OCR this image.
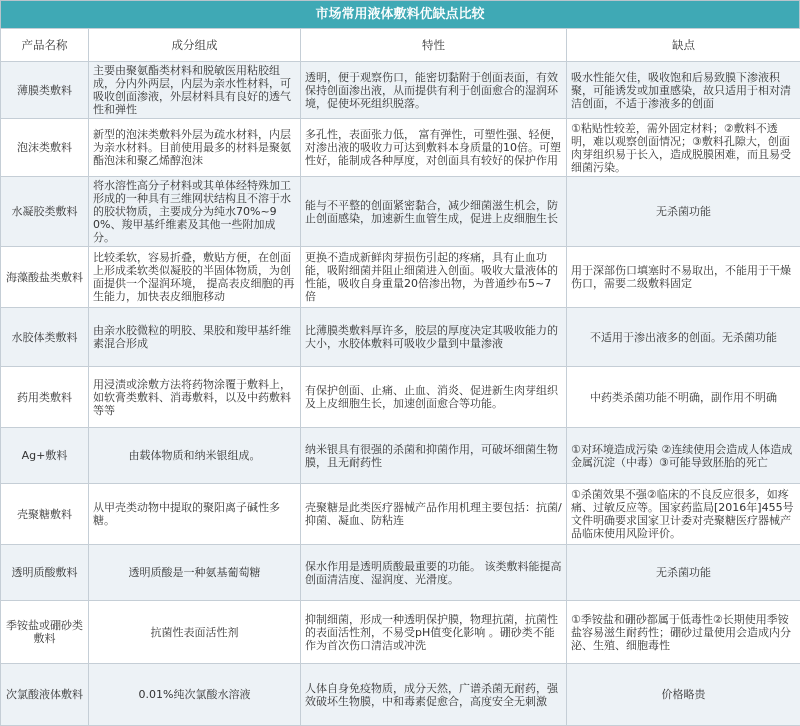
市场常用液体敷料优缺点比较
产品名称	成分组成	特性	缺点
薄膜类敷料	主要由聚氨酯类材料和脱敏医用粘胶组成，分内外两层，内层为亲水性材料，可吸收创面渗液，外层材料具有良好的透气性和弹性	透明，便于观察伤口，能密切黏附于创面表面，有效保持创面渗出液，从而提供有利于创面愈合的湿润环境，促使坏死组织脱落。	吸水性能欠佳，吸收饱和后易致膜下渗液积聚，可能诱发或加重感染，故只适用于相对清洁创面，不适于渗液多的创面
泡沫类敷料	新型的泡沫类敷料外层为疏水材料，内层为亲水材料。目前使用最多的材料是聚氨酯泡沫和聚乙烯醇泡沫	多孔性，表面张力低， 富有弹性，可塑性强、轻便，对渗出液的吸收力可达到敷料本身质量的10倍。可塑性好，能制成各种厚度，对创面具有较好的保护作用	①粘贴性较差，需外固定材料；②敷料不透明，难以观察创面情况；③敷料孔隙大，创面肉芽组织易于长入，造成脱膜困难，而且易受细菌污染。
水凝胶类敷料	将水溶性高分子材料或其单体经特殊加工形成的一种具有三维网状结构且不溶于水的胶状物质，主要成分为纯水70%~90%、羧甲基纤维素及其他一些附加成分。	能与不平整的创面紧密黏合，减少细菌滋生机会，防止创面感染，加速新生血管生成，促进上皮细胞生长	无杀菌功能
海藻酸盐类敷料	比较柔软，容易折叠，敷贴方便，在创面上形成柔软类似凝胶的半固体物质，为创面提供一个湿润环境， 提高表皮细胞的再生能力，加快表皮细胞移动	更换不造成新鲜肉芽损伤引起的疼痛，具有止血功能，吸附细菌并阻止细菌进入创面。吸收大量液体的性能，吸收自身重量20倍渗出物，为普通纱布5~7倍	用于深部伤口填塞时不易取出，不能用于干燥伤口，需要二级敷料固定
水胶体类敷料	由亲水胶微粒的明胶、果胶和羧甲基纤维素混合形成	比薄膜类敷料厚许多，胶层的厚度决定其吸收能力的大小，水胶体敷料可吸收少量到中量渗液	不适用于渗出液多的创面。无杀菌功能
药用类敷料	用浸渍或涂敷方法将药物涂覆于敷料上，如软膏类敷料、消毒敷料，以及中药敷料等等	有保护创面、止痛、止血、消炎、促进新生肉芽组织及上皮细胞生长，加速创面愈合等功能。	中药类杀菌功能不明确，副作用不明确
Ag+敷料	由载体物质和纳米银组成。	纳米银具有很强的杀菌和抑菌作用，可破坏细菌生物膜，且无耐药性	①对环境造成污染 ②连续使用会造成人体造成金属沉淀（中毒）③可能导致胚胎的死亡
壳聚糖敷料	从甲壳类动物中提取的聚阳离子碱性多糖。	壳聚糖是此类医疗器械产品作用机理主要包括：抗菌/抑菌、凝血、防粘连	①杀菌效果不强②临床的不良反应很多，如疼痛、过敏反应等。国家药监局[2016年]455号文件明确要求国家卫计委对壳聚糖医疗器械产品临床使用风险评价。
透明质酸敷料	透明质酸是一种氨基葡萄糖	保水作用是透明质酸最重要的功能。 该类敷料能提高创面清洁度、湿润度、光滑度。	无杀菌功能
季铵盐或硼砂类敷料	抗菌性表面活性剂	抑制细菌，形成一种透明保护膜，物理抗菌，抗菌性的表面活性剂，不易受pH值变化影响 。硼砂类不能作为首次伤口清洁或冲洗	①季铵盐和硼砂都属于低毒性②长期使用季铵盐容易滋生耐药性；硼砂过量使用会造成内分泌、生殖、细胞毒性
次氯酸液体敷料	0.01%纯次氯酸水溶液	人体自身免疫物质，成分天然，广谱杀菌无耐药，强效破坏生物膜，中和毒素促愈合，高度安全无刺激	价格略贵
